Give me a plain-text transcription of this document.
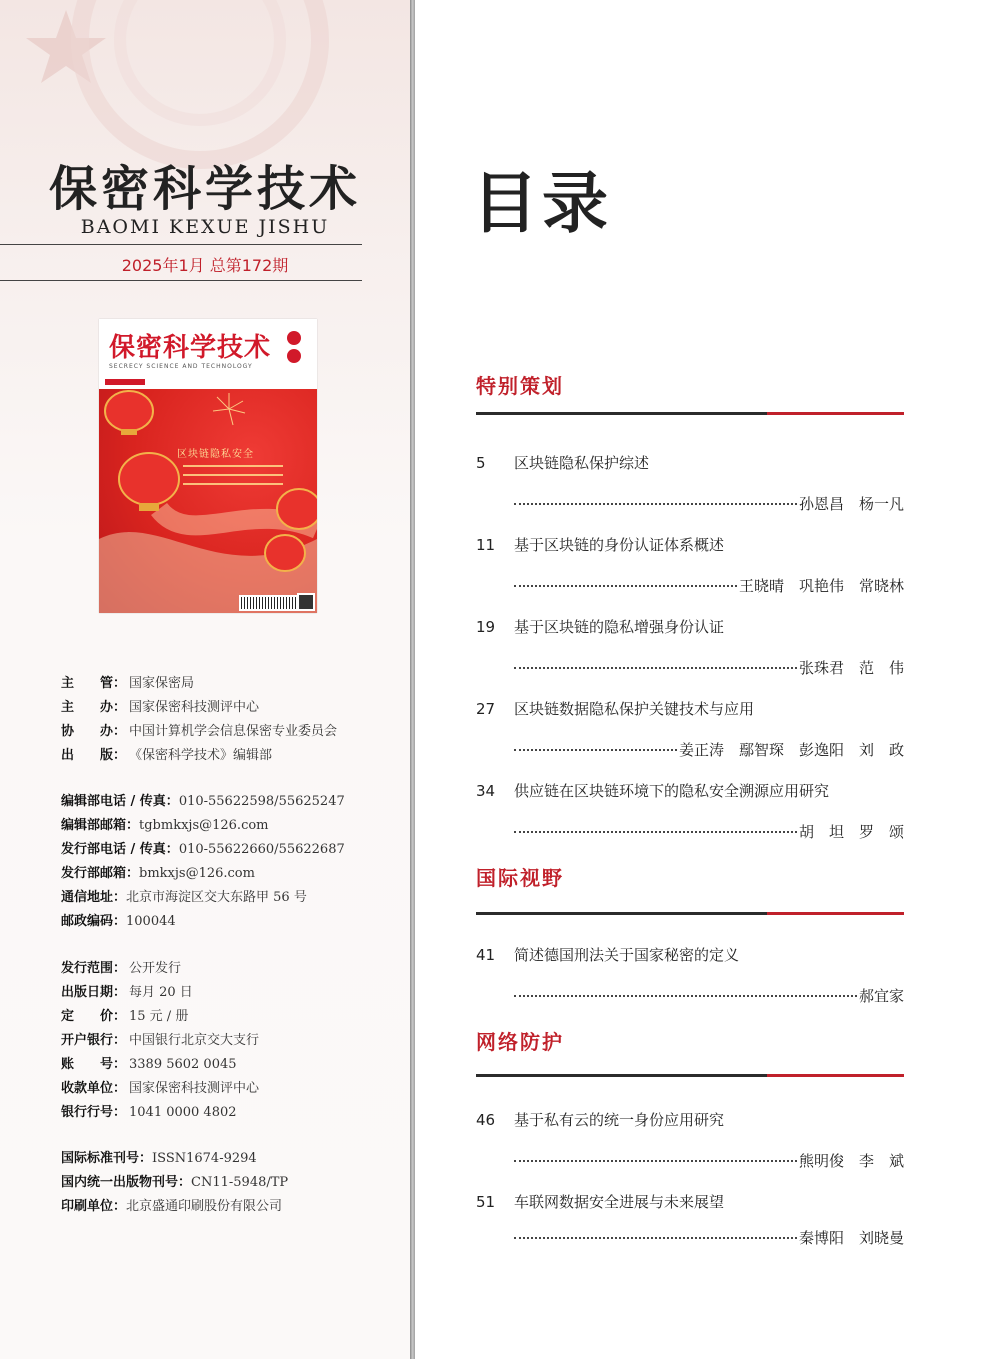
保密科学技术
BAOMI KEXUE JISHU
2025年1月 总第172期
保密科学技术
SECRECY SCIENCE AND TECHNOLOGY
区块链隐私安全
主　　管： 国家保密局
主　　办： 国家保密科技测评中心
协　　办： 中国计算机学会信息保密专业委员会
出　　版： 《保密科学技术》编辑部
编辑部电话 / 传真：010-55622598/55625247
编辑部邮箱：tgbmkxjs@126.com
发行部电话 / 传真：010-55622660/55622687
发行部邮箱：bmkxjs@126.com
通信地址：北京市海淀区交大东路甲 56 号
邮政编码：100044
发行范围： 公开发行
出版日期： 每月 20 日
定　　价： 15 元 / 册
开户银行： 中国银行北京交大支行
账　　号： 3389 5602 0045
收款单位： 国家保密科技测评中心
银行行号： 1041 0000 4802
国际标准刊号：ISSN1674-9294
国内统一出版物刊号：CN11-5948/TP
印刷单位：北京盛通印刷股份有限公司
目录
特别策划
国际视野
网络防护
5 区块链隐私保护综述
孙恩昌　杨一凡
11 基于区块链的身份认证体系概述
王晓晴　巩艳伟　常晓林
19 基于区块链的隐私增强身份认证
张珠君　范　伟
27 区块链数据隐私保护关键技术与应用
姜正涛　鄢智琛　彭逸阳　刘　政
34 供应链在区块链环境下的隐私安全溯源应用研究
胡　坦　罗　颂
41 简述德国刑法关于国家秘密的定义
郝宜家
46 基于私有云的统一身份应用研究
熊明俊　李　斌
51 车联网数据安全进展与未来展望
秦博阳　刘晓曼
